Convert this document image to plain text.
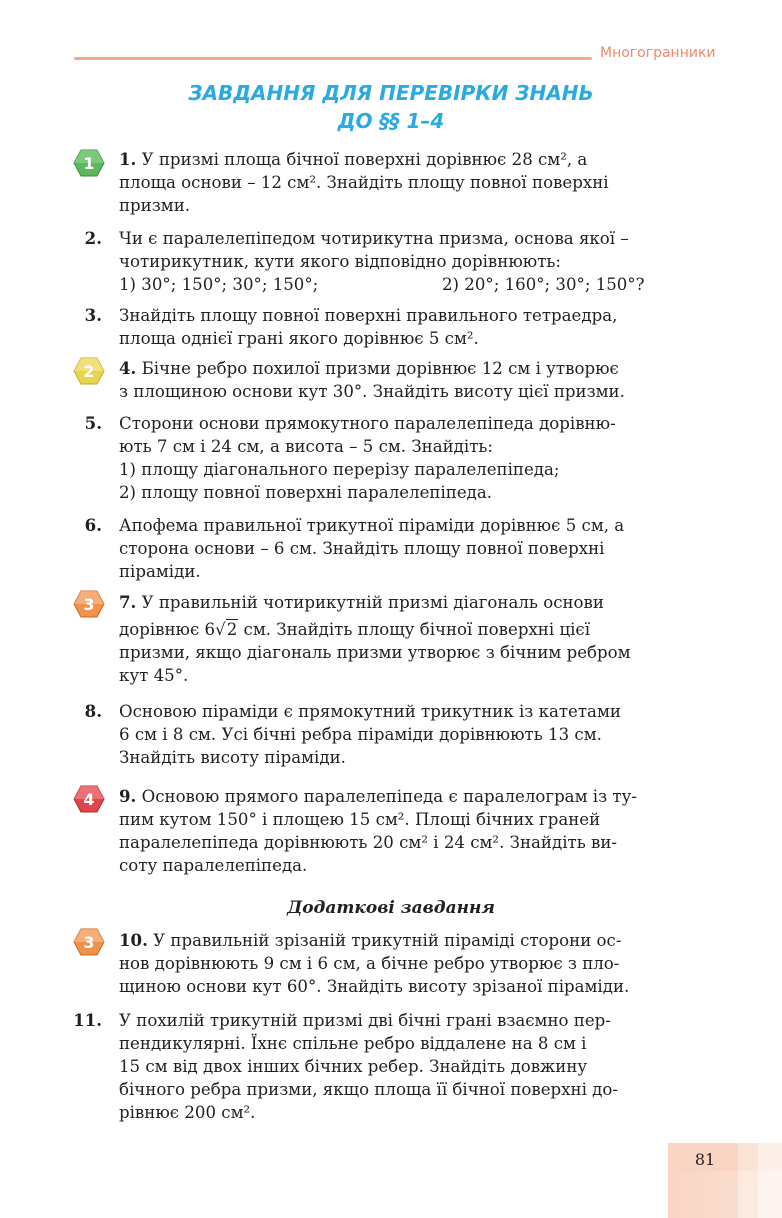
Многогранники
ЗАВДАННЯ ДЛЯ ПЕРЕВІРКИ ЗНАНЬ
ДО §§ 1–4
1
2
3
4
3
1. У призмі площа бічної поверхні дорівнює 28 см², а
площа основи – 12 см². Знайдіть площу повної поверхні
призми.
2. Чи є паралелепіпедом чотирикутна призма, основа якої –
чотирикутник, кути якого відповідно дорівнюють:
1) 30°; 150°; 30°; 150°;	2) 20°; 160°; 30°; 150°?
3. Знайдіть площу повної поверхні правильного тетраедра,
площа однієї грані якого дорівнює 5 см².
4. Бічне ребро похилої призми дорівнює 12 см і утворює
з площиною основи кут 30°. Знайдіть висоту цієї призми.
5. Сторони основи прямокутного паралелепіпеда дорівню-
ють 7 см і 24 см, а висота – 5 см. Знайдіть:
1) площу діагонального перерізу паралелепіпеда;
2) площу повної поверхні паралелепіпеда.
6. Апофема правильної трикутної піраміди дорівнює 5 см, а
сторона основи – 6 см. Знайдіть площу повної поверхні
піраміди.
7. У правильній чотирикутній призмі діагональ основи
дорівнює 6√2 см. Знайдіть площу бічної поверхні цієї
призми, якщо діагональ призми утворює з бічним ребром
кут 45°.
8. Основою піраміди є прямокутний трикутник із катетами
6 см і 8 см. Усі бічні ребра піраміди дорівнюють 13 см.
Знайдіть висоту піраміди.
9. Основою прямого паралелепіпеда є паралелограм із ту-
пим кутом 150° і площею 15 см². Площі бічних граней
паралелепіпеда дорівнюють 20 см² і 24 см². Знайдіть ви-
соту паралелепіпеда.
Додаткові завдання
10. У правильній зрізаній трикутній піраміді сторони ос-
нов дорівнюють 9 см і 6 см, а бічне ребро утворює з пло-
щиною основи кут 60°. Знайдіть висоту зрізаної піраміди.
11. У похилій трикутній призмі дві бічні грані взаємно пер-
пендикулярні. Їхнє спільне ребро віддалене на 8 см і
15 см від двох інших бічних ребер. Знайдіть довжину
бічного ребра призми, якщо площа її бічної поверхні до-
рівнює 200 см².
81
